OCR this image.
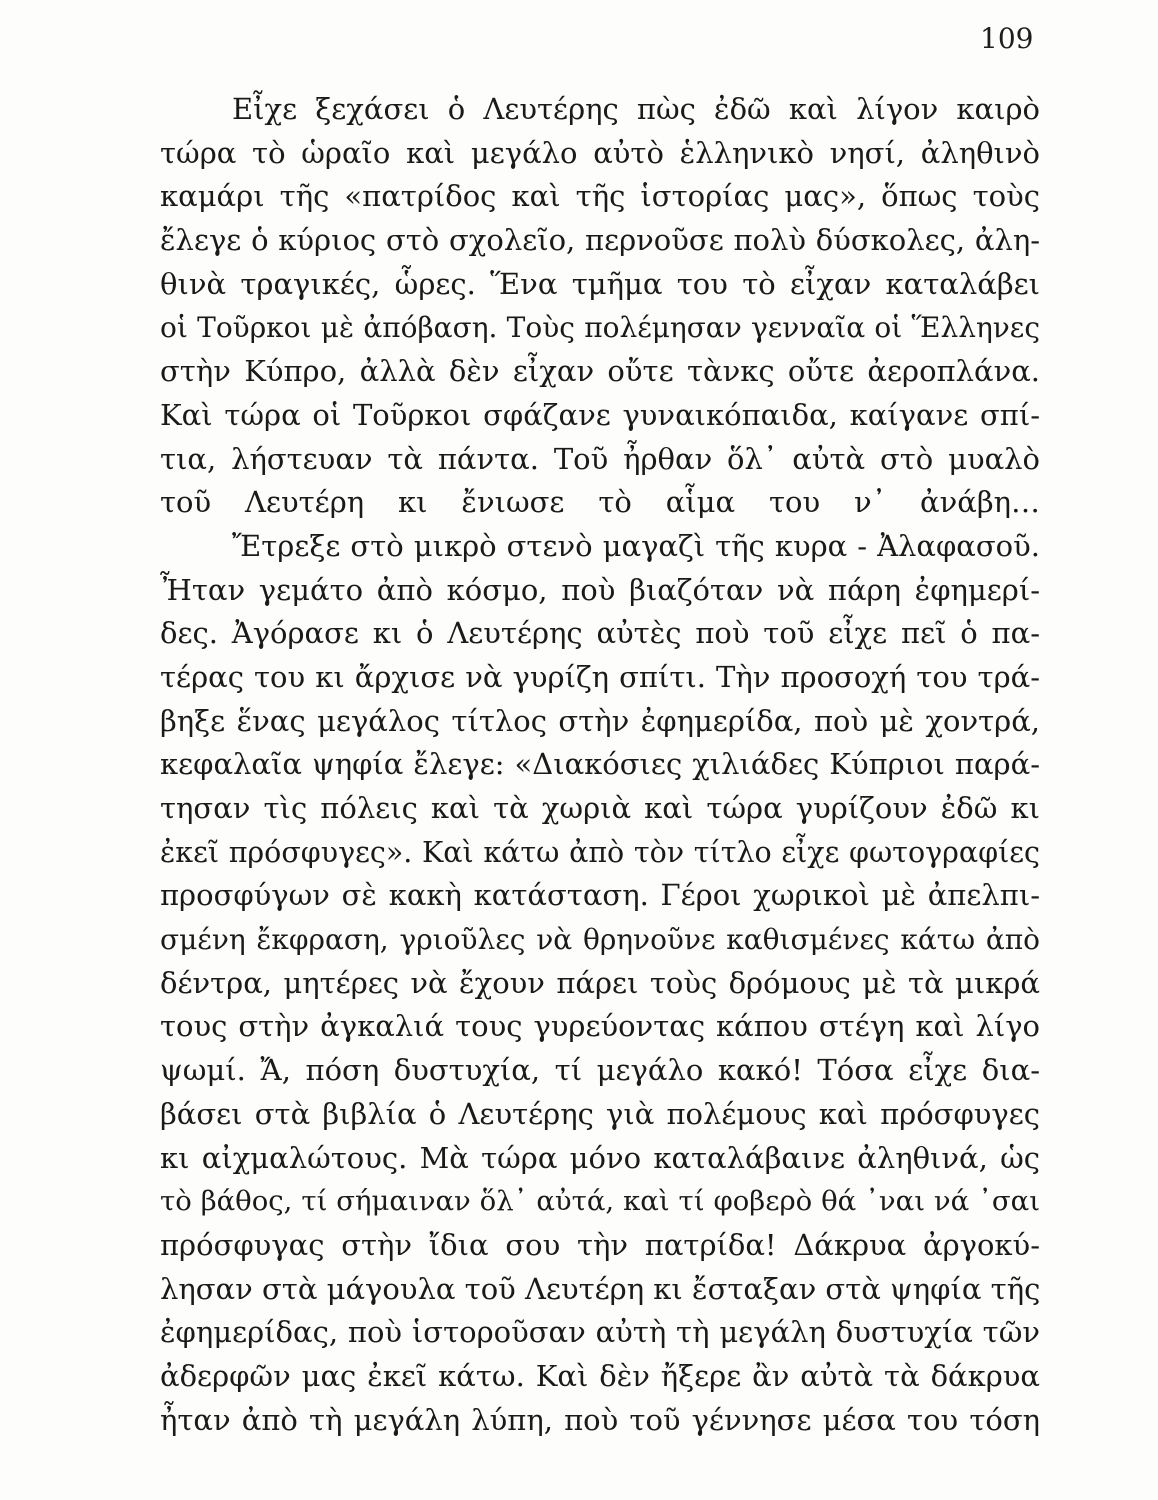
109
Εἶχε ξεχάσει ὁ Λευτέρης πὼς ἐδῶ καὶ λίγον καιρὸ
τώρα τὸ ὡραῖο καὶ μεγάλο αὐτὸ ἑλληνικὸ νησί, ἀληθινὸ
καμάρι τῆς «πατρίδος καὶ τῆς ἱστορίας μας», ὅπως τοὺς
ἔλεγε ὁ κύριος στὸ σχολεῖο, περνοῦσε πολὺ δύσκολες, ἀλη-
θινὰ τραγικές, ὧρες. Ἕνα τμῆμα του τὸ εἶχαν καταλάβει
οἱ Τοῦρκοι μὲ ἀπόβαση. Τοὺς πολέμησαν γενναῖα οἱ Ἕλληνες
στὴν Κύπρο, ἀλλὰ δὲν εἶχαν οὔτε τὰνκς οὔτε ἀεροπλάνα.
Καὶ τώρα οἱ Τοῦρκοι σφάζανε γυναικόπαιδα, καίγανε σπί-
τια, λήστευαν τὰ πάντα. Τοῦ ἦρθαν ὅλ᾽ αὐτὰ στὸ μυαλὸ
τοῦ Λευτέρη κι ἔνιωσε τὸ αἷμα του ν᾽ ἀνάβη…
Ἔτρεξε στὸ μικρὸ στενὸ μαγαζὶ τῆς κυρα - Ἀλαφασοῦ.
Ἦταν γεμάτο ἀπὸ κόσμο, ποὺ βιαζόταν νὰ πάρη ἐφημερί-
δες. Ἀγόρασε κι ὁ Λευτέρης αὐτὲς ποὺ τοῦ εἶχε πεῖ ὁ πα-
τέρας του κι ἄρχισε νὰ γυρίζη σπίτι. Τὴν προσοχή του τρά-
βηξε ἕνας μεγάλος τίτλος στὴν ἐφημερίδα, ποὺ μὲ χοντρά,
κεφαλαῖα ψηφία ἔλεγε: «Διακόσιες χιλιάδες Κύπριοι παρά-
τησαν τὶς πόλεις καὶ τὰ χωριὰ καὶ τώρα γυρίζουν ἐδῶ κι
ἐκεῖ πρόσφυγες». Καὶ κάτω ἀπὸ τὸν τίτλο εἶχε φωτογραφίες
προσφύγων σὲ κακὴ κατάσταση. Γέροι χωρικοὶ μὲ ἀπελπι-
σμένη ἔκφραση, γριοῦλες νὰ θρηνοῦνε καθισμένες κάτω ἀπὸ
δέντρα, μητέρες νὰ ἔχουν πάρει τοὺς δρόμους μὲ τὰ μικρά
τους στὴν ἀγκαλιά τους γυρεύοντας κάπου στέγη καὶ λίγο
ψωμί. Ἄ, πόση δυστυχία, τί μεγάλο κακό! Τόσα εἶχε δια-
βάσει στὰ βιβλία ὁ Λευτέρης γιὰ πολέμους καὶ πρόσφυγες
κι αἰχμαλώτους. Μὰ τώρα μόνο καταλάβαινε ἀληθινά, ὡς
τὸ βάθος, τί σήμαιναν ὅλ᾽ αὐτά, καὶ τί φοβερὸ θά ᾽ναι νά ᾽σαι
πρόσφυγας στὴν ἴδια σου τὴν πατρίδα! Δάκρυα ἀργοκύ-
λησαν στὰ μάγουλα τοῦ Λευτέρη κι ἔσταξαν στὰ ψηφία τῆς
ἐφημερίδας, ποὺ ἱστοροῦσαν αὐτὴ τὴ μεγάλη δυστυχία τῶν
ἀδερφῶν μας ἐκεῖ κάτω. Καὶ δὲν ἤξερε ἂν αὐτὰ τὰ δάκρυα
ἦταν ἀπὸ τὴ μεγάλη λύπη, ποὺ τοῦ γέννησε μέσα του τόση
